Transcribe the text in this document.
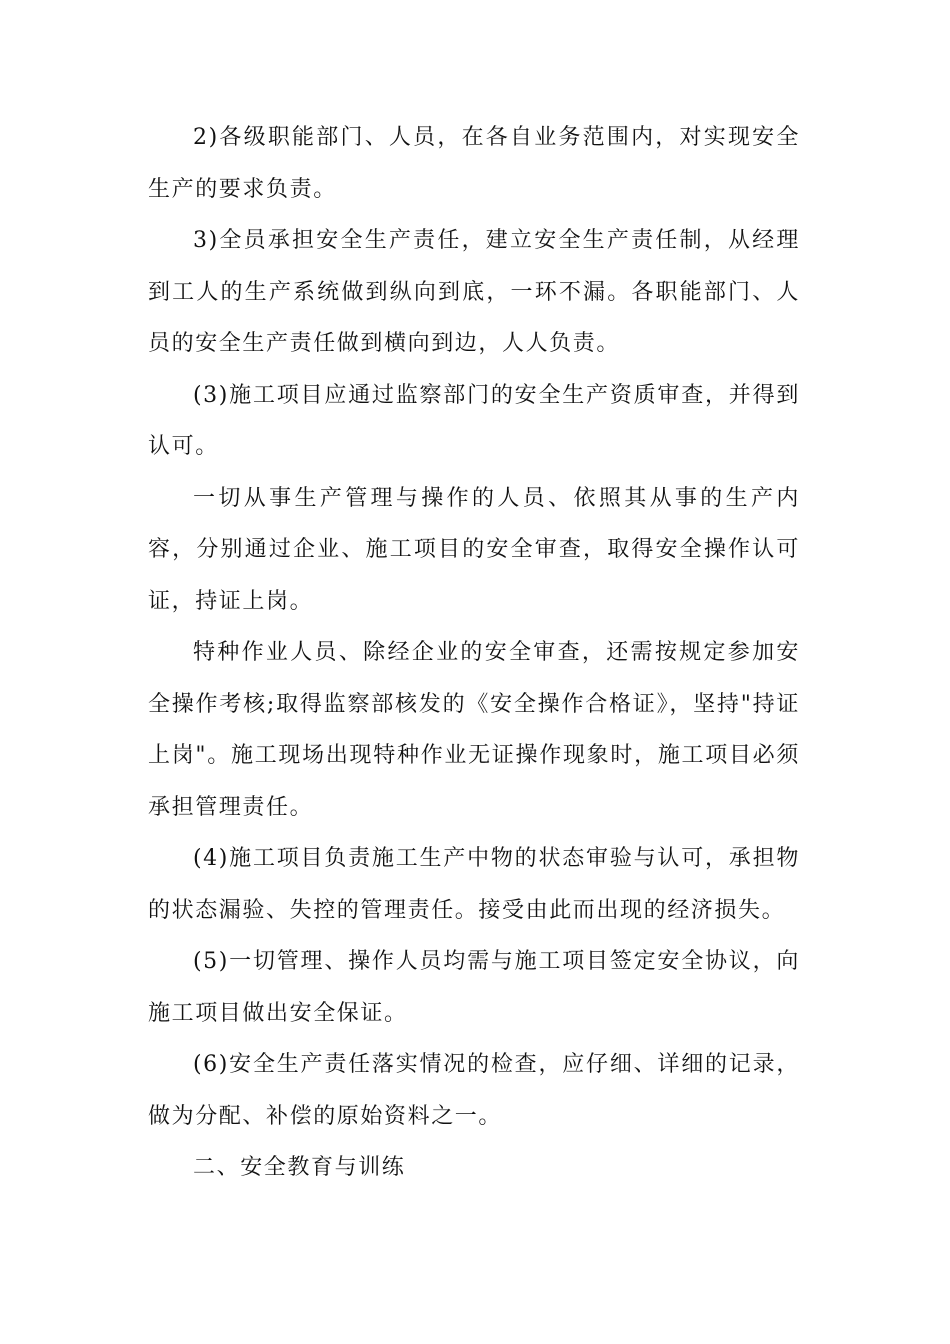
2)各级职能部门、人员，在各自业务范围内，对实现安全生产的要求负责。

3)全员承担安全生产责任，建立安全生产责任制，从经理到工人的生产系统做到纵向到底，一环不漏。各职能部门、人员的安全生产责任做到横向到边，人人负责。

(3)施工项目应通过监察部门的安全生产资质审查，并得到认可。

一切从事生产管理与操作的人员、依照其从事的生产内容，分别通过企业、施工项目的安全审查，取得安全操作认可证，持证上岗。

特种作业人员、除经企业的安全审查，还需按规定参加安全操作考核;取得监察部核发的《安全操作合格证》，坚持"持证上岗"。施工现场出现特种作业无证操作现象时，施工项目必须承担管理责任。

(4)施工项目负责施工生产中物的状态审验与认可，承担物的状态漏验、失控的管理责任。接受由此而出现的经济损失。

(5)一切管理、操作人员均需与施工项目签定安全协议，向施工项目做出安全保证。

(6)安全生产责任落实情况的检查，应仔细、详细的记录，做为分配、补偿的原始资料之一。

二、安全教育与训练
